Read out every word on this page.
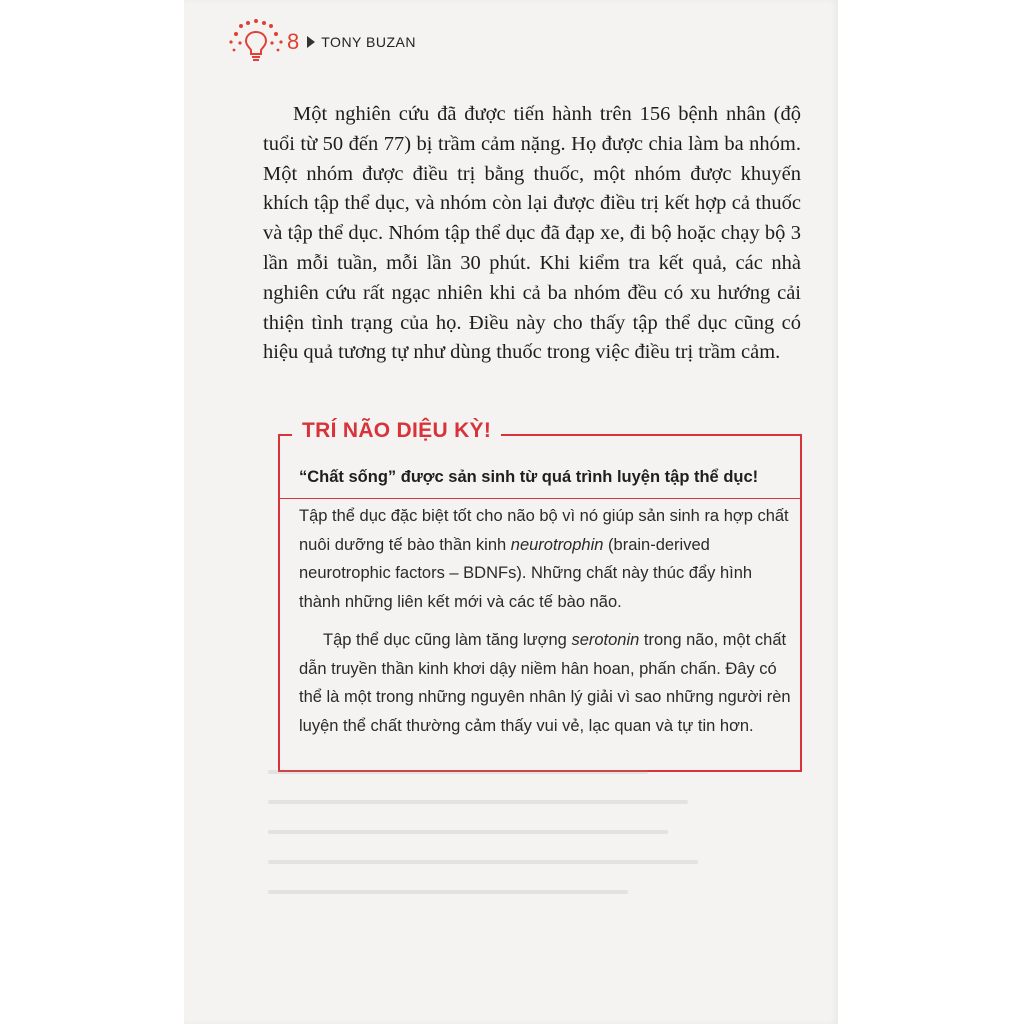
8 TONY BUZAN

Một nghiên cứu đã được tiến hành trên 156 bệnh nhân (độ tuổi từ 50 đến 77) bị trầm cảm nặng. Họ được chia làm ba nhóm. Một nhóm được điều trị bằng thuốc, một nhóm được khuyến khích tập thể dục, và nhóm còn lại được điều trị kết hợp cả thuốc và tập thể dục. Nhóm tập thể dục đã đạp xe, đi bộ hoặc chạy bộ 3 lần mỗi tuần, mỗi lần 30 phút. Khi kiểm tra kết quả, các nhà nghiên cứu rất ngạc nhiên khi cả ba nhóm đều có xu hướng cải thiện tình trạng của họ. Điều này cho thấy tập thể dục cũng có hiệu quả tương tự như dùng thuốc trong việc điều trị trầm cảm.

TRÍ NÃO DIỆU KỲ!
“Chất sống” được sản sinh từ quá trình luyện tập thể dục!

Tập thể dục đặc biệt tốt cho não bộ vì nó giúp sản sinh ra hợp chất nuôi dưỡng tế bào thần kinh neurotrophin (brain-derived neurotrophic factors – BDNFs). Những chất này thúc đẩy hình thành những liên kết mới và các tế bào não.

Tập thể dục cũng làm tăng lượng serotonin trong não, một chất dẫn truyền thần kinh khơi dậy niềm hân hoan, phấn chấn. Đây có thể là một trong những nguyên nhân lý giải vì sao những người rèn luyện thể chất thường cảm thấy vui vẻ, lạc quan và tự tin hơn.
